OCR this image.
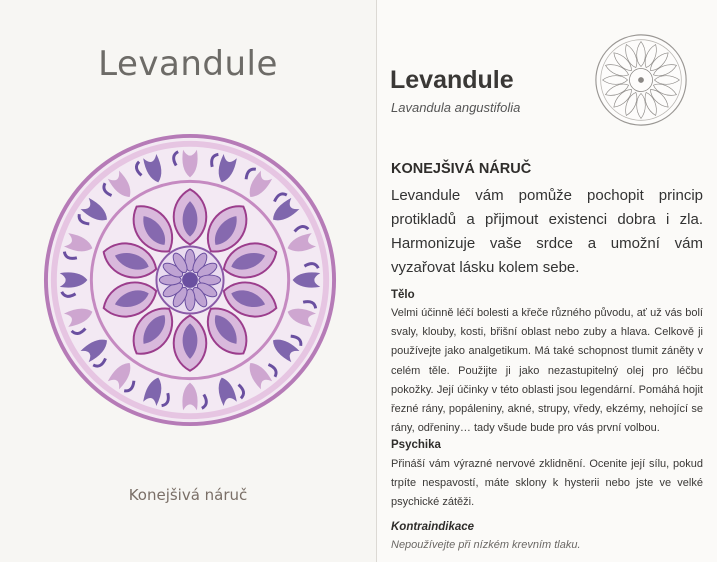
Levandule
Konejšivá náruč
Levandule
Lavandula angustifolia
KONEJŠIVÁ NÁRUČ
Levandule vám pomůže pochopit princip protikladů a přijmout existenci dobra i zla. Harmonizuje vaše srdce a umožní vám vyzařovat lásku kolem sebe.
Tělo
Velmi účinně léčí bolesti a křeče různého původu, ať už vás bolí svaly, klouby, kosti, břišní oblast nebo zuby a hlava. Celkově ji používejte jako analgetikum. Má také schopnost tlumit záněty v celém těle. Použijte ji jako nezastupitelný olej pro léčbu pokožky. Její účinky v této oblasti jsou legendární. Pomáhá hojit řezné rány, popáleniny, akné, strupy, vředy, ekzémy, nehojící se rány, odřeniny… tady všude bude pro vás první volbou.
Psychika
Přináší vám výrazné nervové zklidnění. Ocenite její sílu, pokud trpíte nespavostí, máte sklony k hysterii nebo jste ve velké psychické zátěži.
Kontraindikace
Nepoužívejte při nízkém krevním tlaku.
